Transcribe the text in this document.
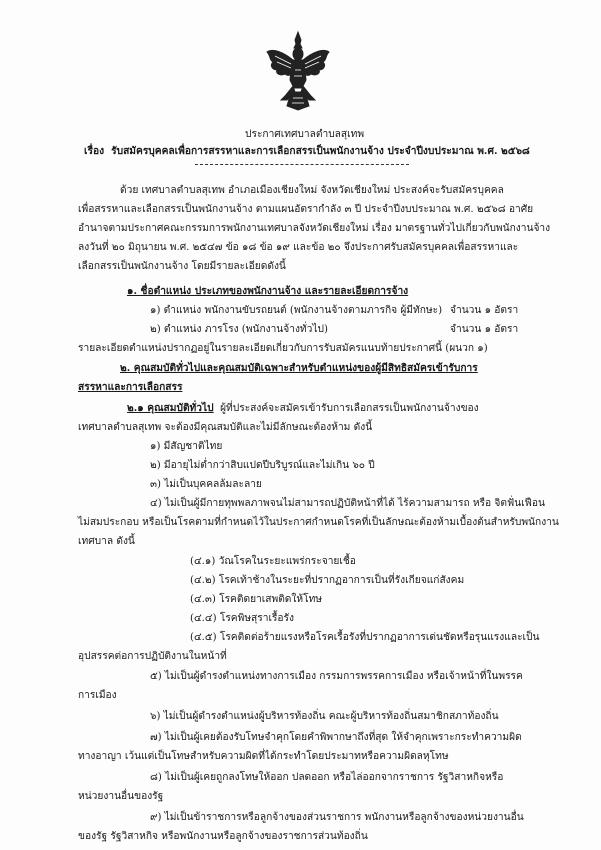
ประกาศเทศบาลตำบลสุเทพ
เรื่อง รับสมัครบุคคลเพื่อการสรรหาและการเลือกสรรเป็นพนักงานจ้าง ประจำปีงบประมาณ พ.ศ. ๒๕๖๘
ด้วย เทศบาลตำบลสุเทพ อำเภอเมืองเชียงใหม่ จังหวัดเชียงใหม่ ประสงค์จะรับสมัครบุคคล
เพื่อสรรหาและเลือกสรรเป็นพนักงานจ้าง ตามแผนอัตรากำลัง ๓ ปี ประจำปีงบประมาณ พ.ศ. ๒๕๖๘ อาศัย
อำนาจตามประกาศคณะกรรมการพนักงานเทศบาลจังหวัดเชียงใหม่ เรื่อง มาตรฐานทั่วไปเกี่ยวกับพนักงานจ้าง
ลงวันที่ ๒๐ มิถุนายน พ.ศ. ๒๕๔๗ ข้อ ๑๘ ข้อ ๑๙ และข้อ ๒๐ จึงประกาศรับสมัครบุคคลเพื่อสรรหาและ
เลือกสรรเป็นพนักงานจ้าง โดยมีรายละเอียดดังนี้
๑. ชื่อตำแหน่ง ประเภทของพนักงานจ้าง และรายละเอียดการจ้าง
๑) ตำแหน่ง พนักงานขับรถยนต์ (พนักงานจ้างตามภารกิจ ผู้มีทักษะ) จำนวน ๑ อัตรา
๒) ตำแหน่ง ภารโรง (พนักงานจ้างทั่วไป)	จำนวน ๑ อัตรา
รายละเอียดตำแหน่งปรากฏอยู่ในรายละเอียดเกี่ยวกับการรับสมัครแนบท้ายประกาศนี้ (ผนวก ๑)
๒. คุณสมบัติทั่วไปและคุณสมบัติเฉพาะสำหรับตำแหน่งของผู้มีสิทธิสมัครเข้ารับการ
สรรหาและการเลือกสรร
๒.๑ คุณสมบัติทั่วไป ผู้ที่ประสงค์จะสมัครเข้ารับการเลือกสรรเป็นพนักงานจ้างของ
เทศบาลตำบลสุเทพ จะต้องมีคุณสมบัติและไม่มีลักษณะต้องห้าม ดังนี้
๑) มีสัญชาติไทย
๒) มีอายุไม่ต่ำกว่าสิบแปดปีบริบูรณ์และไม่เกิน ๖๐ ปี
๓) ไม่เป็นบุคคลล้มละลาย
๔) ไม่เป็นผู้มีกายทุพพลภาพจนไม่สามารถปฏิบัติหน้าที่ได้ ไร้ความสามารถ หรือ จิตฟั่นเฟือน
ไม่สมประกอบ หรือเป็นโรคตามที่กำหนดไว้ในประกาศกำหนดโรคที่เป็นลักษณะต้องห้ามเบื้องต้นสำหรับพนักงาน
เทศบาล ดังนี้
(๔.๑) วัณโรคในระยะแพร่กระจายเชื้อ
(๔.๒) โรคเท้าช้างในระยะที่ปรากฏอาการเป็นที่รังเกียจแก่สังคม
(๔.๓) โรคติดยาเสพติดให้โทษ
(๔.๔) โรคพิษสุราเรื้อรัง
(๔.๕) โรคติดต่อร้ายแรงหรือโรคเรื้อรังที่ปรากฏอาการเด่นชัดหรือรุนแรงและเป็น
อุปสรรคต่อการปฏิบัติงานในหน้าที่
๕) ไม่เป็นผู้ดำรงตำแหน่งทางการเมือง กรรมการพรรคการเมือง หรือเจ้าหน้าที่ในพรรค
การเมือง
๖) ไม่เป็นผู้ดำรงตำแหน่งผู้บริหารท้องถิ่น คณะผู้บริหารท้องถิ่นสมาชิกสภาท้องถิ่น
๗) ไม่เป็นผู้เคยต้องรับโทษจำคุกโดยคำพิพากษาถึงที่สุด ให้จำคุกเพราะกระทำความผิด
ทางอาญา เว้นแต่เป็นโทษสำหรับความผิดที่ได้กระทำโดยประมาทหรือความผิดลหุโทษ
๘) ไม่เป็นผู้เคยถูกลงโทษให้ออก ปลดออก หรือไล่ออกจากราชการ รัฐวิสาหกิจหรือ
หน่วยงานอื่นของรัฐ
๙) ไม่เป็นข้าราชการหรือลูกจ้างของส่วนราชการ พนักงานหรือลูกจ้างของหน่วยงานอื่น
ของรัฐ รัฐวิสาหกิจ หรือพนักงานหรือลูกจ้างของราชการส่วนท้องถิ่น
